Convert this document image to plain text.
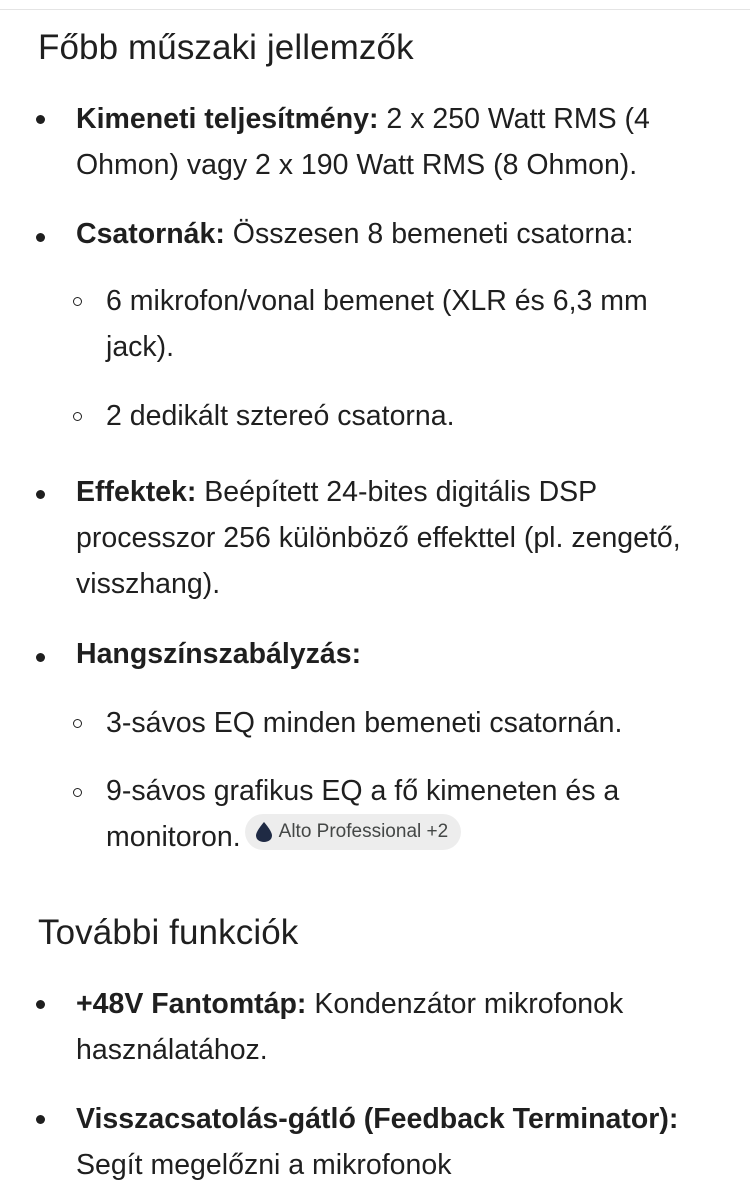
Főbb műszaki jellemzők
Kimeneti teljesítmény: 2 x 250 Watt RMS (4 Ohmon) vagy 2 x 190 Watt RMS (8 Ohmon).
Csatornák: Összesen 8 bemeneti csatorna:
6 mikrofon/vonal bemenet (XLR és 6,3 mm jack).
2 dedikált sztereó csatorna.
Effektek: Beépített 24-bites digitális DSP processzor 256 különböző effekttel (pl. zengető, visszhang).
Hangszínszabályzás:
3-sávos EQ minden bemeneti csatornán.
9-sávos grafikus EQ a fő kimeneten és a monitoron. Alto Professional +2
További funkciók
+48V Fantomtáp: Kondenzátor mikrofonok használatához.
Visszacsatolás-gátló (Feedback Terminator): Segít megelőzni a mikrofonok
